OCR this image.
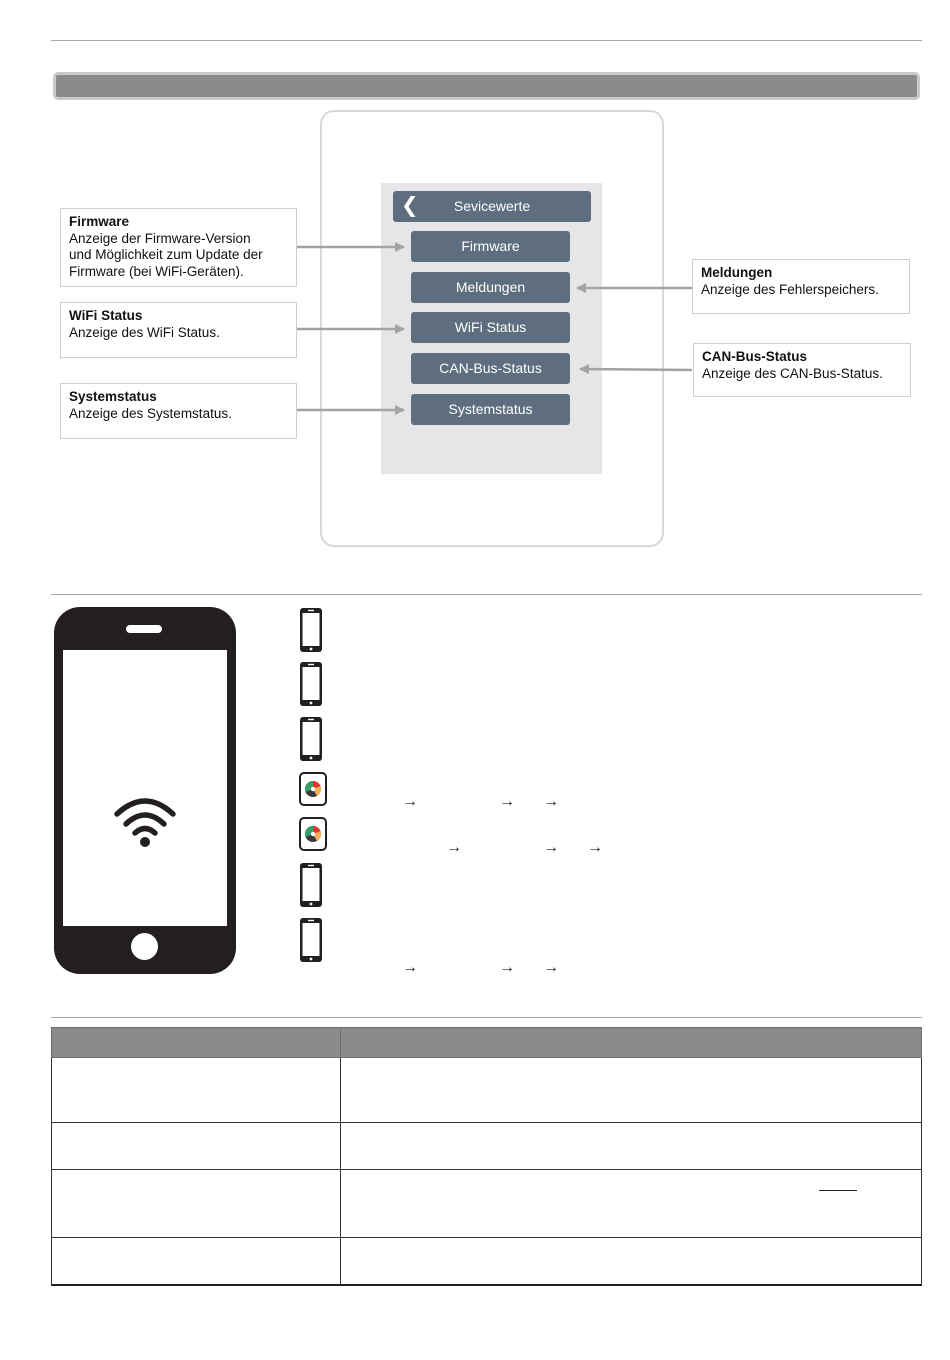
❮	Sevicewerte
Firmware
Meldungen
WiFi Status
CAN-Bus-Status
Systemstatus
Firmware
Anzeige der Firmware-Version
und Möglichkeit zum Update der
Firmware (bei WiFi-Geräten).
WiFi Status
Anzeige des WiFi Status.
Systemstatus
Anzeige des Systemstatus.
Meldungen
Anzeige des Fehlerspeichers.
CAN-Bus-Status
Anzeige des CAN-Bus-Status.
→	→ →
→	→ →
→	→ →
